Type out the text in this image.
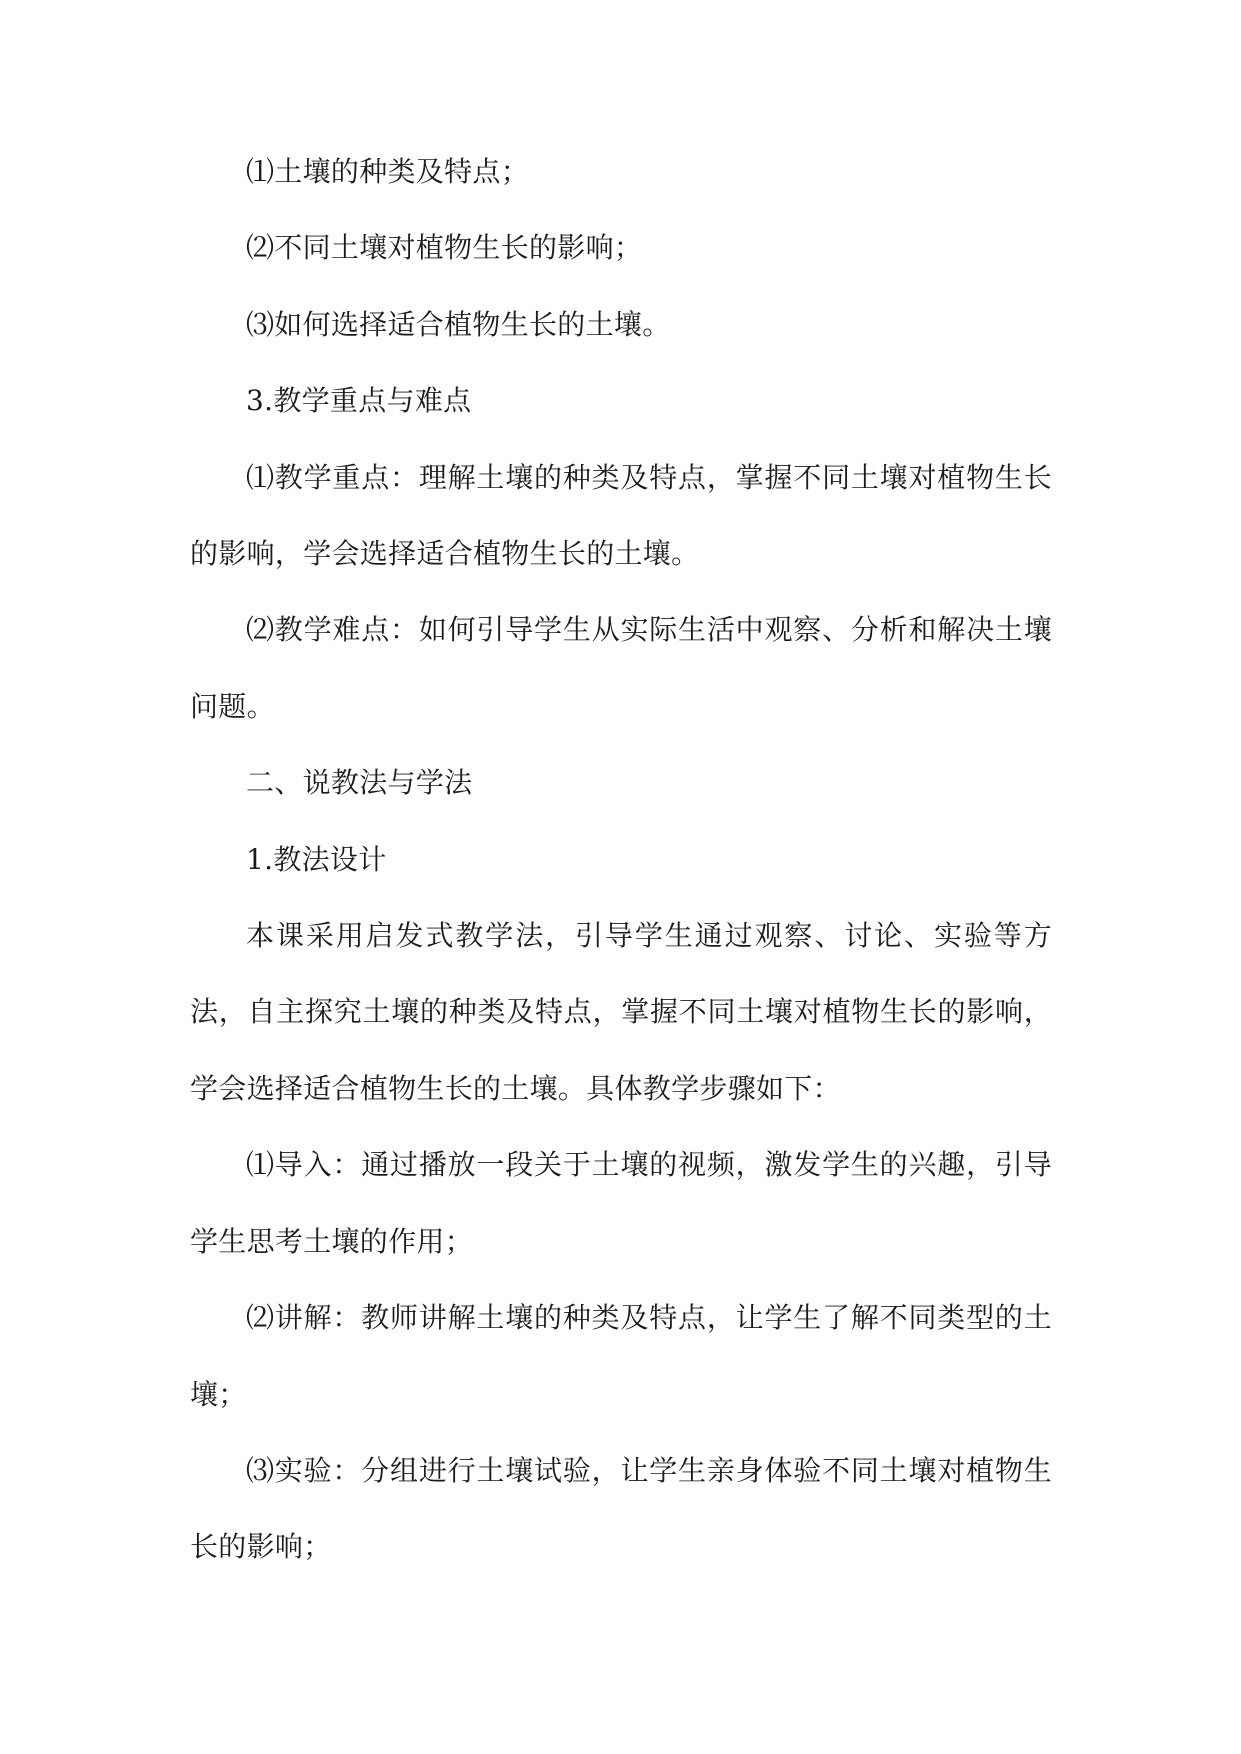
⑴土壤的种类及特点；

⑵不同土壤对植物生长的影响；

⑶如何选择适合植物生长的土壤。

3.教学重点与难点

⑴教学重点：理解土壤的种类及特点，掌握不同土壤对植物生长的影响，学会选择适合植物生长的土壤。

⑵教学难点：如何引导学生从实际生活中观察、分析和解决土壤问题。

二、说教法与学法

1.教法设计

本课采用启发式教学法，引导学生通过观察、讨论、实验等方法，自主探究土壤的种类及特点，掌握不同土壤对植物生长的影响，学会选择适合植物生长的土壤。具体教学步骤如下：

⑴导入：通过播放一段关于土壤的视频，激发学生的兴趣，引导学生思考土壤的作用；

⑵讲解：教师讲解土壤的种类及特点，让学生了解不同类型的土壤；

⑶实验：分组进行土壤试验，让学生亲身体验不同土壤对植物生长的影响；
